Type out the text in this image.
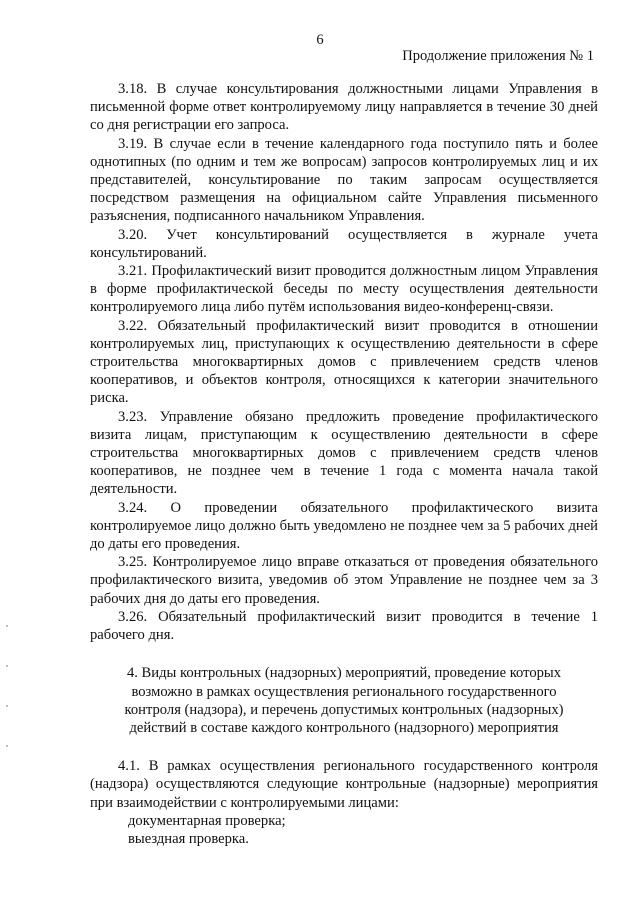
6
Продолжение приложения № 1

3.18. В случае консультирования должностными лицами Управления в письменной форме ответ контролируемому лицу направляется в течение 30 дней со дня регистрации его запроса.

3.19. В случае если в течение календарного года поступило пять и более однотипных (по одним и тем же вопросам) запросов контролируемых лиц и их представителей, консультирование по таким запросам осуществляется посредством размещения на официальном сайте Управления письменного разъяснения, подписанного начальником Управления.

3.20. Учет консультирований осуществляется в журнале учета консультирований.

3.21. Профилактический визит проводится должностным лицом Управления в форме профилактической беседы по месту осуществления деятельности контролируемого лица либо путём использования видео-конференц-связи.

3.22. Обязательный профилактический визит проводится в отношении контролируемых лиц, приступающих к осуществлению деятельности в сфере строительства многоквартирных домов с привлечением средств членов кооперативов, и объектов контроля, относящихся к категории значительного риска.

3.23. Управление обязано предложить проведение профилактического визита лицам, приступающим к осуществлению деятельности в сфере строительства многоквартирных домов с привлечением средств членов кооперативов, не позднее чем в течение 1 года с момента начала такой деятельности.

3.24. О проведении обязательного профилактического визита контролируемое лицо должно быть уведомлено не позднее чем за 5 рабочих дней до даты его проведения.

3.25. Контролируемое лицо вправе отказаться от проведения обязательного профилактического визита, уведомив об этом Управление не позднее чем за 3 рабочих дня до даты его проведения.

3.26. Обязательный профилактический визит проводится в течение 1 рабочего дня.

4. Виды контрольных (надзорных) мероприятий, проведение которых возможно в рамках осуществления регионального государственного контроля (надзора), и перечень допустимых контрольных (надзорных) действий в составе каждого контрольного (надзорного) мероприятия

4.1. В рамках осуществления регионального государственного контроля (надзора) осуществляются следующие контрольные (надзорные) мероприятия при взаимодействии с контролируемыми лицами:

документарная проверка;

выездная проверка.
